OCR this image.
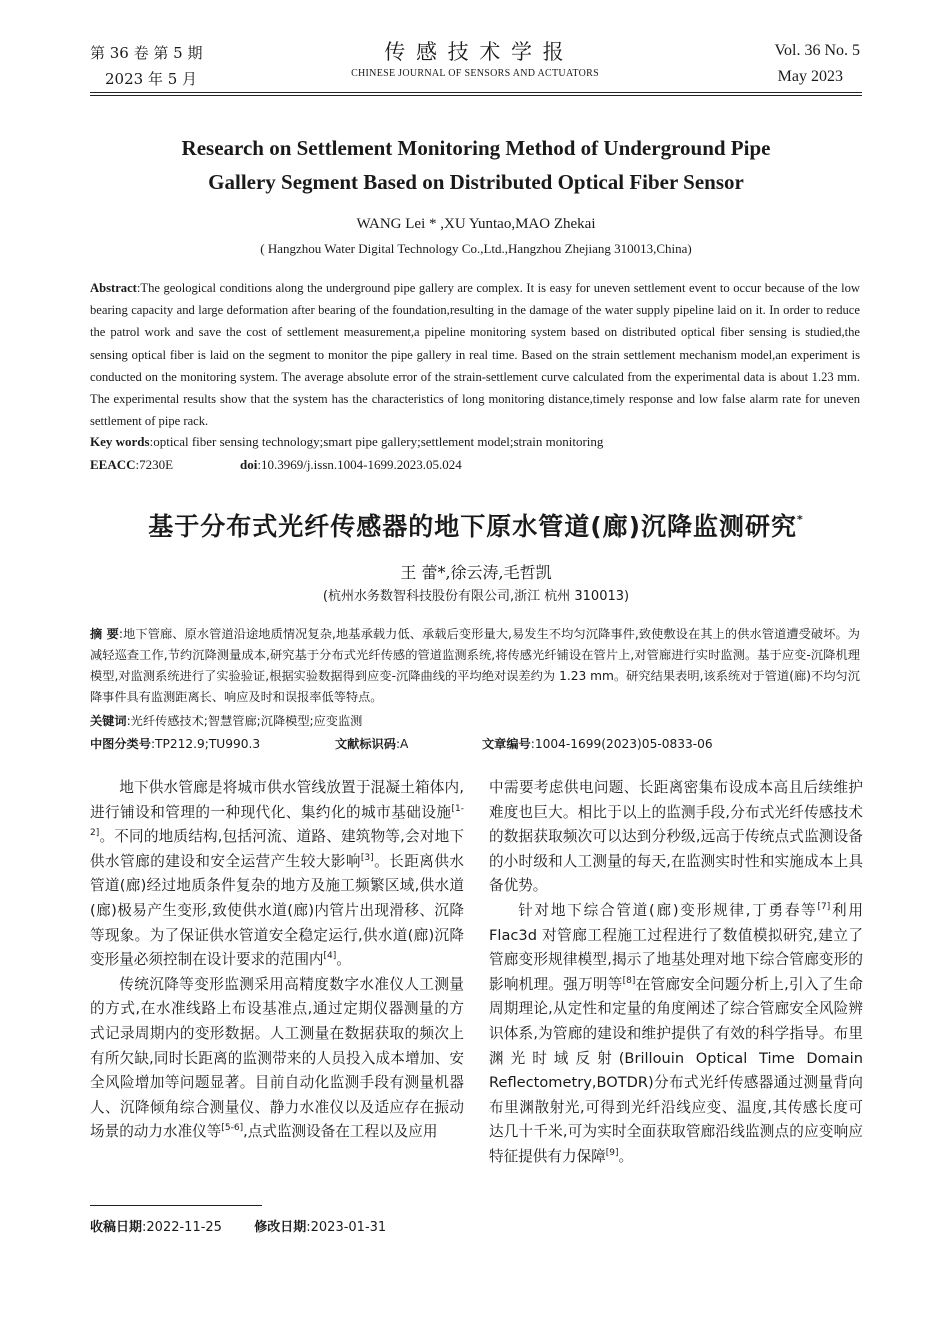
第 36 卷 第 5 期
2023 年 5 月
传 感 技 术 学 报
CHINESE JOURNAL OF SENSORS AND ACTUATORS
Vol. 36 No. 5
May 2023
Research on Settlement Monitoring Method of Underground Pipe
Gallery Segment Based on Distributed Optical Fiber Sensor
WANG Lei * ,XU Yuntao,MAO Zhekai
( Hangzhou Water Digital Technology Co.,Ltd.,Hangzhou Zhejiang 310013,China)
Abstract:The geological conditions along the underground pipe gallery are complex. It is easy for uneven settlement event to occur because of the low bearing capacity and large deformation after bearing of the foundation,resulting in the damage of the water supply pipeline laid on it. In order to reduce the patrol work and save the cost of settlement measurement,a pipeline monitoring system based on distributed optical fiber sensing is studied,the sensing optical fiber is laid on the segment to monitor the pipe gallery in real time. Based on the strain settlement mechanism model,an experiment is conducted on the monitoring system. The average absolute error of the strain-settlement curve calculated from the experimental data is about 1.23 mm. The experimental results show that the system has the characteristics of long monitoring distance,timely response and low false alarm rate for uneven settlement of pipe rack.
Key words:optical fiber sensing technology;smart pipe gallery;settlement model;strain monitoring
EEACC:7230E	doi:10.3969/j.issn.1004-1699.2023.05.024
基于分布式光纤传感器的地下原水管道(廊)沉降监测研究*
王 蕾*,徐云涛,毛哲凯
(杭州水务数智科技股份有限公司,浙江 杭州 310013)
摘 要:地下管廊、原水管道沿途地质情况复杂,地基承载力低、承载后变形量大,易发生不均匀沉降事件,致使敷设在其上的供水管道遭受破坏。为减轻巡查工作,节约沉降测量成本,研究基于分布式光纤传感的管道监测系统,将传感光纤铺设在管片上,对管廊进行实时监测。基于应变-沉降机理模型,对监测系统进行了实验验证,根据实验数据得到应变-沉降曲线的平均绝对误差约为 1.23 mm。研究结果表明,该系统对于管道(廊)不均匀沉降事件具有监测距离长、响应及时和误报率低等特点。
关键词:光纤传感技术;智慧管廊;沉降模型;应变监测
中图分类号:TP212.9;TU990.3	文献标识码:A	文章编号:1004-1699(2023)05-0833-06

地下供水管廊是将城市供水管线放置于混凝土箱体内,进行铺设和管理的一种现代化、集约化的城市基础设施[1-2]。不同的地质结构,包括河流、道路、建筑物等,会对地下供水管廊的建设和安全运营产生较大影响[3]。长距离供水管道(廊)经过地质条件复杂的地方及施工频繁区域,供水道(廊)极易产生变形,致使供水道(廊)内管片出现滑移、沉降等现象。为了保证供水管道安全稳定运行,供水道(廊)沉降变形量必须控制在设计要求的范围内[4]。

传统沉降等变形监测采用高精度数字水准仪人工测量的方式,在水准线路上布设基准点,通过定期仪器测量的方式记录周期内的变形数据。人工测量在数据获取的频次上有所欠缺,同时长距离的监测带来的人员投入成本增加、安全风险增加等问题显著。目前自动化监测手段有测量机器人、沉降倾角综合测量仪、静力水准仪以及适应存在振动场景的动力水准仪等[5-6],点式监测设备在工程以及应用

中需要考虑供电问题、长距离密集布设成本高且后续维护难度也巨大。相比于以上的监测手段,分布式光纤传感技术的数据获取频次可以达到分秒级,远高于传统点式监测设备的小时级和人工测量的每天,在监测实时性和实施成本上具备优势。

针对地下综合管道(廊)变形规律,丁勇春等[7]利用 Flac3d 对管廊工程施工过程进行了数值模拟研究,建立了管廊变形规律模型,揭示了地基处理对地下综合管廊变形的影响机理。强万明等[8]在管廊安全问题分析上,引入了生命周期理论,从定性和定量的角度阐述了综合管廊安全风险辨识体系,为管廊的建设和维护提供了有效的科学指导。布里渊光时域反射(Brillouin Optical Time Domain Reflectometry,BOTDR)分布式光纤传感器通过测量背向布里渊散射光,可得到光纤沿线应变、温度,其传感长度可达几十千米,可为实时全面获取管廊沿线监测点的应变响应特征提供有力保障[9]。

收稿日期:2022-11-25 修改日期:2023-01-31
